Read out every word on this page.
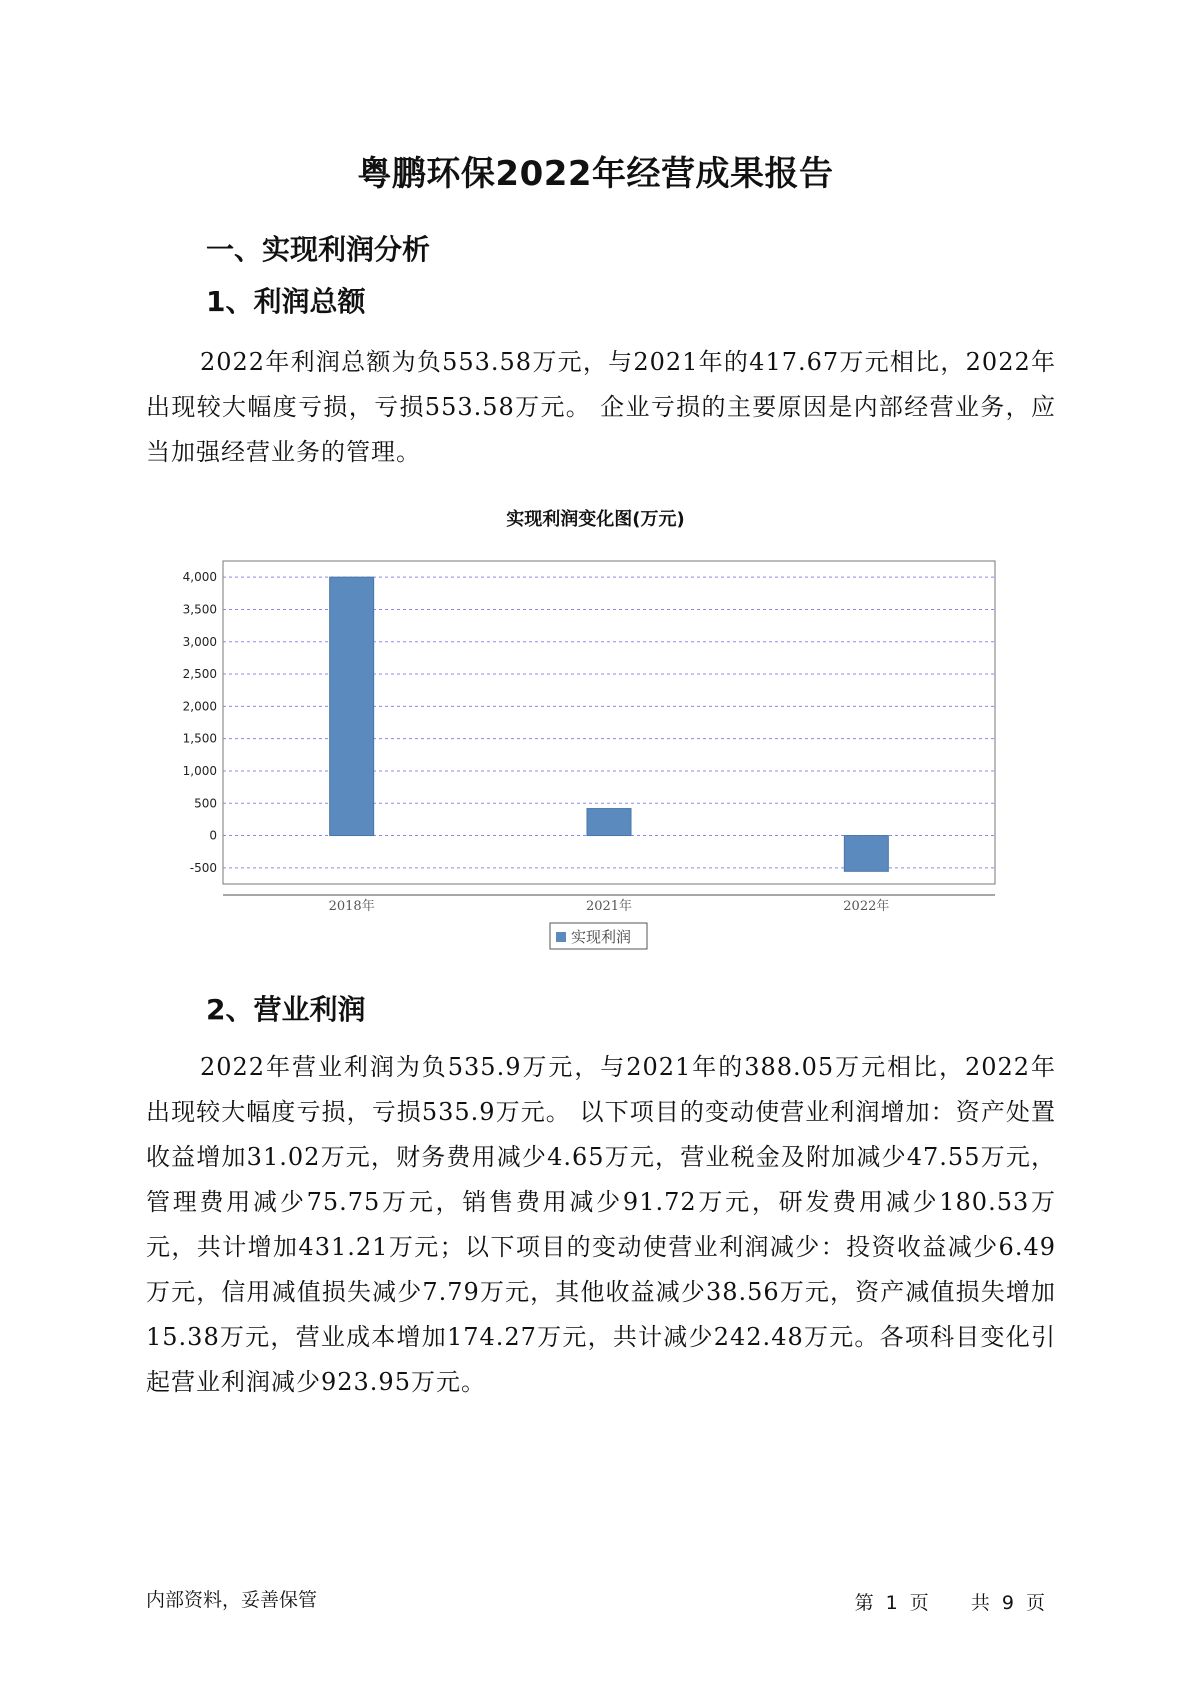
粤鹏环保2022年经营成果报告
一、实现利润分析
1、利润总额
2022年利润总额为负553.58万元，与2021年的417.67万元相比，2022年出现较大幅度亏损，亏损553.58万元。 企业亏损的主要原因是内部经营业务，应当加强经营业务的管理。
实现利润变化图(万元)
4,000
3,500
3,000
2,500
2,000
1,500
1,000
500
0
-500
2018年	2021年	2022年
实现利润
2、营业利润
2022年营业利润为负535.9万元，与2021年的388.05万元相比，2022年出现较大幅度亏损，亏损535.9万元。 以下项目的变动使营业利润增加：资产处置收益增加31.02万元，财务费用减少4.65万元，营业税金及附加减少47.55万元，管理费用减少75.75万元，销售费用减少91.72万元，研发费用减少180.53万元，共计增加431.21万元；以下项目的变动使营业利润减少：投资收益减少6.49万元，信用减值损失减少7.79万元，其他收益减少38.56万元，资产减值损失增加15.38万元，营业成本增加174.27万元，共计减少242.48万元。各项科目变化引起营业利润减少923.95万元。
内部资料，妥善保管	第 1 页 共 9 页
